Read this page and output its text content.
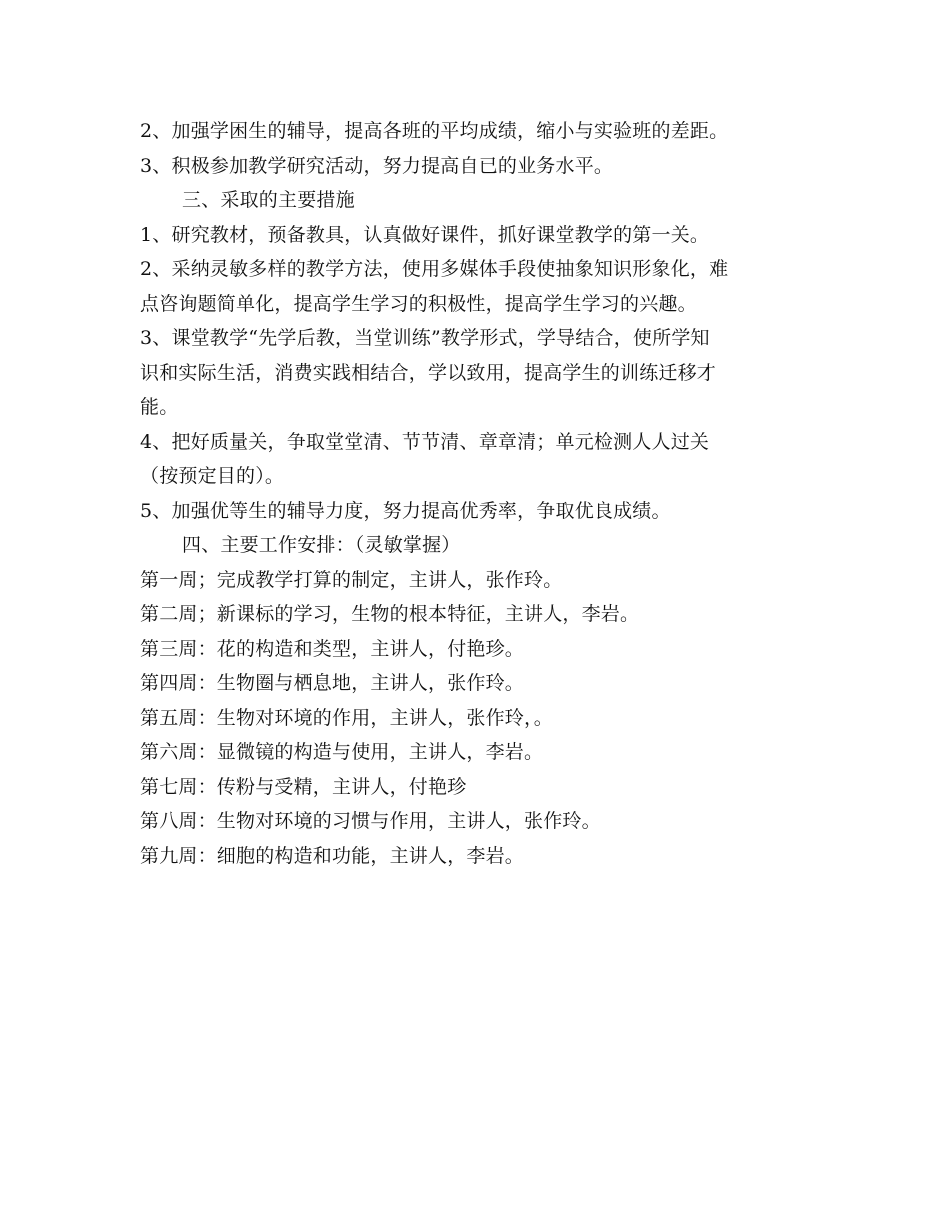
2、加强学困生的辅导，提高各班的平均成绩，缩小与实验班的差距。
3、积极参加教学研究活动，努力提高自已的业务水平。
三、采取的主要措施
1、研究教材，预备教具，认真做好课件，抓好课堂教学的第一关。
2、采纳灵敏多样的教学方法，使用多媒体手段使抽象知识形象化，难
点咨询题简单化，提高学生学习的积极性，提高学生学习的兴趣。
3、课堂教学“先学后教，当堂训练”教学形式，学导结合，使所学知
识和实际生活，消费实践相结合，学以致用，提高学生的训练迁移才
能。
4、把好质量关，争取堂堂清、节节清、章章清；单元检测人人过关
（按预定目的）。
5、加强优等生的辅导力度，努力提高优秀率，争取优良成绩。
四、主要工作安排：（灵敏掌握）
第一周；完成教学打算的制定，主讲人，张作玲。
第二周；新课标的学习，生物的根本特征，主讲人，李岩。
第三周：花的构造和类型，主讲人，付艳珍。
第四周：生物圈与栖息地，主讲人，张作玲。
第五周：生物对环境的作用，主讲人，张作玲，。
第六周：显微镜的构造与使用，主讲人，李岩。
第七周：传粉与受精，主讲人，付艳珍
第八周：生物对环境的习惯与作用，主讲人，张作玲。
第九周：细胞的构造和功能，主讲人，李岩。
